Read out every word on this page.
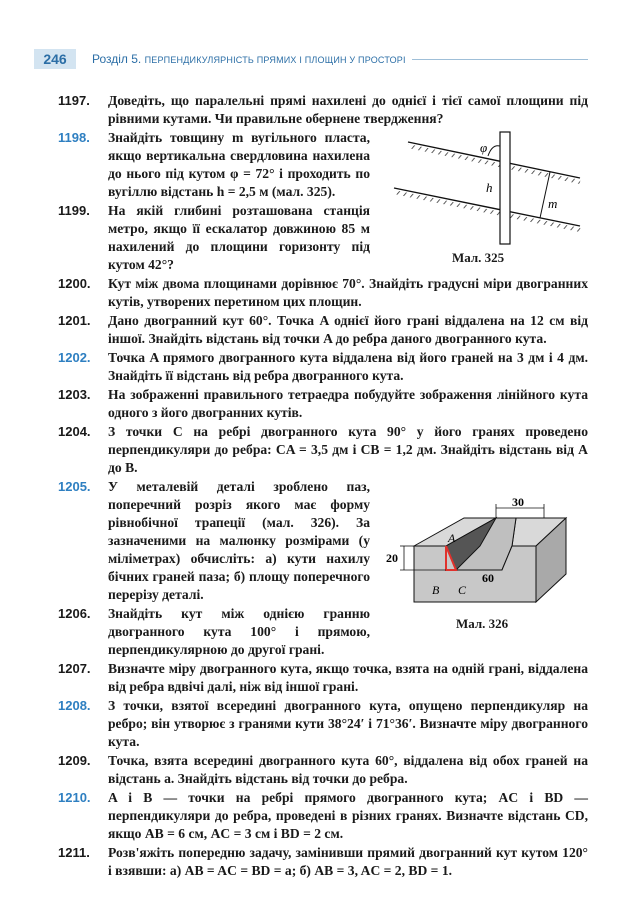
246	Розділ 5. ПЕРПЕНДИКУЛЯРНІСТЬ ПРЯМИХ І ПЛОЩИН У ПРОСТОРІ
1197.	Доведіть, що паралельні прямі нахилені до однієї і тієї самої площини під рівними кутами. Чи правильне обернене твердження?
1198.	Знайдіть товщину m вугільного пласта, якщо вертикальна свердловина нахилена до нього під кутом φ = 72° і проходить по вугіллю відстань h = 2,5 м (мал. 325).
1199.	На якій глибині розташована станція метро, якщо її ескалатор довжиною 85 м нахилений до площини горизонту під кутом 42°?
1200.	Кут між двома площинами дорівнює 70°. Знайдіть градусні міри двогранних кутів, утворених перетином цих площин.
1201.	Дано двогранний кут 60°. Точка A однієї його грані віддалена на 12 см від іншої. Знайдіть відстань від точки A до ребра даного двогранного кута.
1202.	Точка A прямого двогранного кута віддалена від його граней на 3 дм і 4 дм. Знайдіть її відстань від ребра двогранного кута.
1203.	На зображенні правильного тетраедра побудуйте зображення лінійного кута одного з його двогранних кутів.
1204.	З точки C на ребрі двогранного кута 90° у його гранях проведено перпендикуляри до ребра: CA = 3,5 дм і CB = 1,2 дм. Знайдіть відстань від A до B.
1205.	У металевій деталі зроблено паз, поперечний розріз якого має форму рівнобічної трапеції (мал. 326). За зазначеними на малюнку розмірами (у міліметрах) обчисліть: а) кути нахилу бічних граней паза; б) площу поперечного перерізу деталі.
1206.	Знайдіть кут між однією гранню двогранного кута 100° і прямою, перпендикулярною до другої грані.
1207.	Визначте міру двогранного кута, якщо точка, взята на одній грані, віддалена від ребра вдвічі далі, ніж від іншої грані.
1208.	З точки, взятої всередині двогранного кута, опущено перпендикуляр на ребро; він утворює з гранями кути 38°24′ і 71°36′. Визначте міру двогранного кута.
1209.	Точка, взята всередині двогранного кута 60°, віддалена від обох граней на відстань a. Знайдіть відстань від точки до ребра.
1210.	A і B — точки на ребрі прямого двогранного кута; AC і BD — перпендикуляри до ребра, проведені в різних гранях. Визначте відстань CD, якщо AB = 6 см, AC = 3 см і BD = 2 см.
1211.	Розв'яжіть попередню задачу, замінивши прямий двогранний кут кутом 120° і взявши: а) AB = AC = BD = a; б) AB = 3, AC = 2, BD = 1.
φ
h
m
Мал. 325
30
20
60
A
B C
Мал. 326
